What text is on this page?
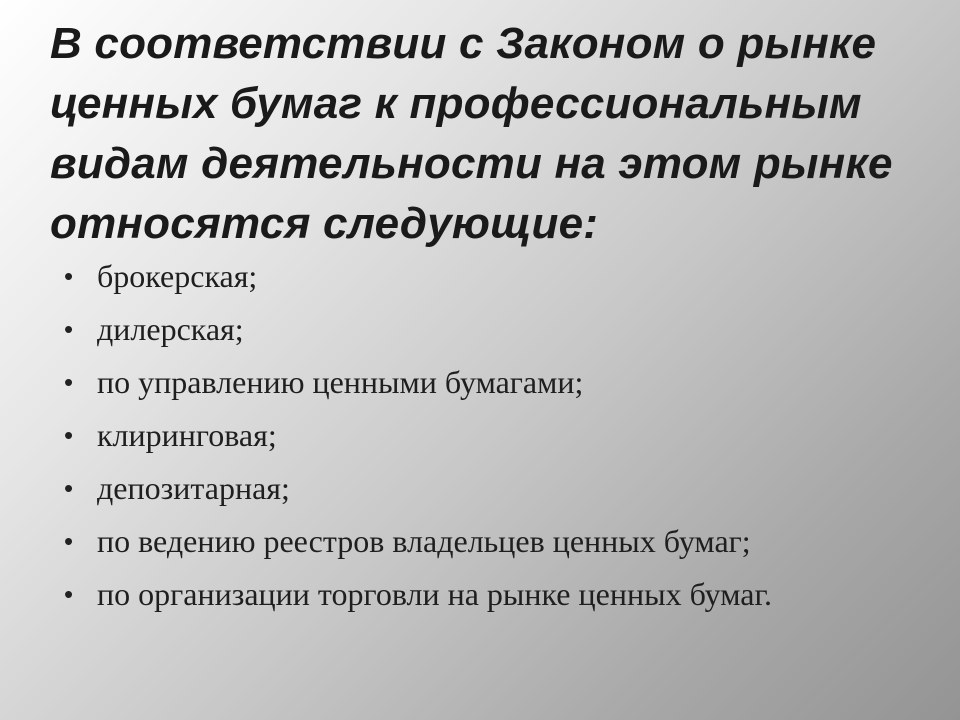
В соответствии с Законом о рынке
ценных бумаг к профессиональным
видам деятельности на этом рынке
относятся следующие:
• брокерская;
• дилерская;
• по управлению ценными бумагами;
• клиринговая;
• депозитарная;
• по ведению реестров владельцев ценных бумаг;
• по организации торговли на рынке ценных бумаг.
